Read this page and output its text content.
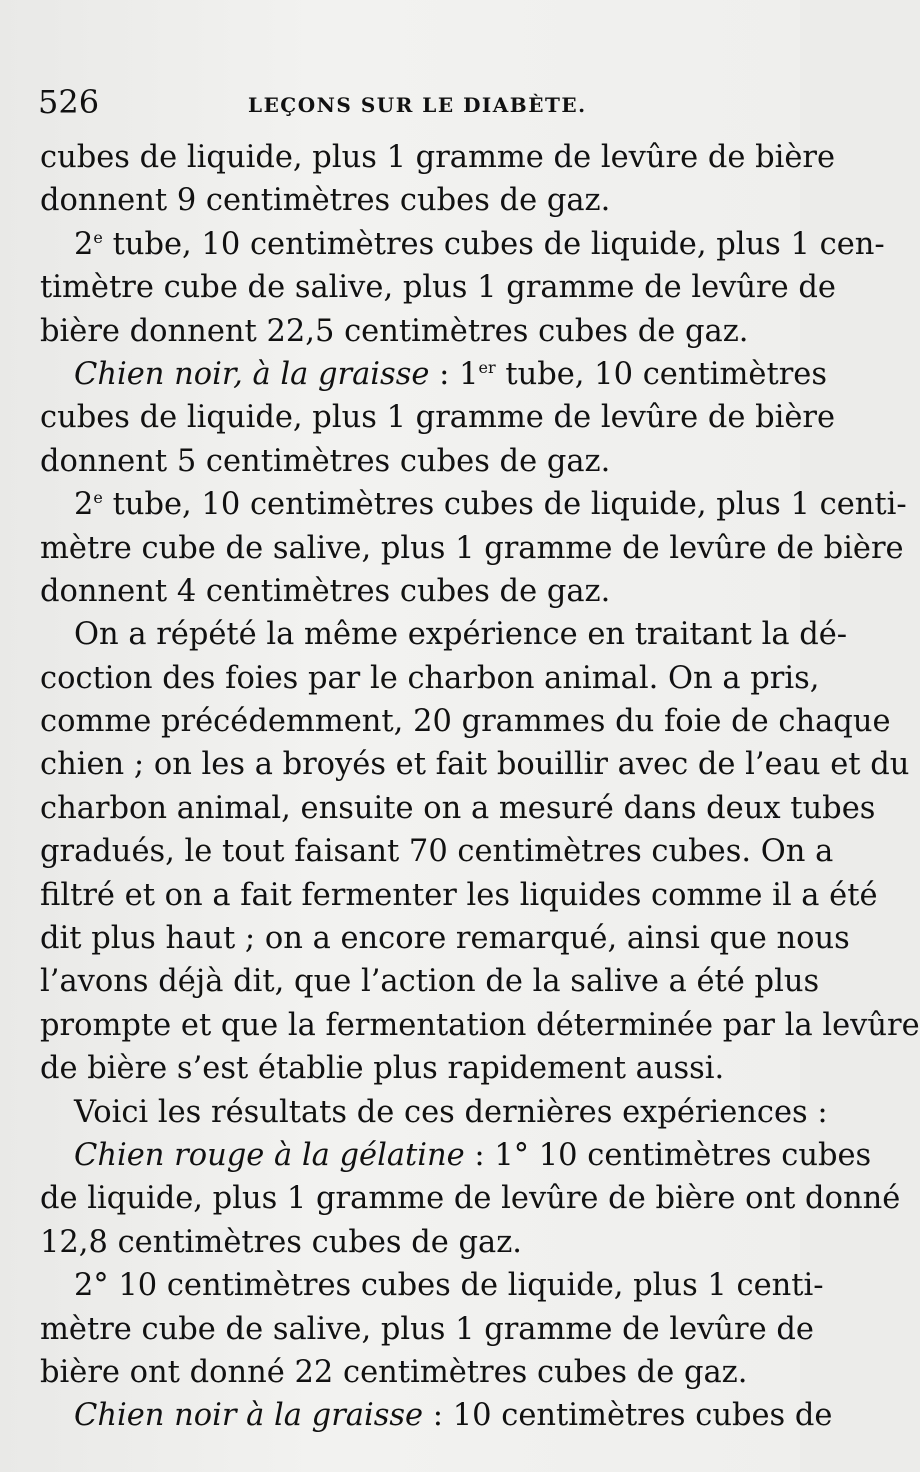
526	LEÇONS SUR LE DIABÈTE.
cubes de liquide, plus 1 gramme de levûre de bière
donnent 9 centimètres cubes de gaz.
2e tube, 10 centimètres cubes de liquide, plus 1 cen-
timètre cube de salive, plus 1 gramme de levûre de
bière donnent 22,5 centimètres cubes de gaz.
Chien noir, à la graisse : 1er tube, 10 centimètres
cubes de liquide, plus 1 gramme de levûre de bière
donnent 5 centimètres cubes de gaz.
2e tube, 10 centimètres cubes de liquide, plus 1 centi-
mètre cube de salive, plus 1 gramme de levûre de bière
donnent 4 centimètres cubes de gaz.
On a répété la même expérience en traitant la dé-
coction des foies par le charbon animal. On a pris,
comme précédemment, 20 grammes du foie de chaque
chien ; on les a broyés et fait bouillir avec de l’eau et du
charbon animal, ensuite on a mesuré dans deux tubes
gradués, le tout faisant 70 centimètres cubes. On a
filtré et on a fait fermenter les liquides comme il a été
dit plus haut ; on a encore remarqué, ainsi que nous
l’avons déjà dit, que l’action de la salive a été plus
prompte et que la fermentation déterminée par la levûre
de bière s’est établie plus rapidement aussi.
Voici les résultats de ces dernières expériences :
Chien rouge à la gélatine : 1° 10 centimètres cubes
de liquide, plus 1 gramme de levûre de bière ont donné
12,8 centimètres cubes de gaz.
2° 10 centimètres cubes de liquide, plus 1 centi-
mètre cube de salive, plus 1 gramme de levûre de
bière ont donné 22 centimètres cubes de gaz.
Chien noir à la graisse : 10 centimètres cubes de
